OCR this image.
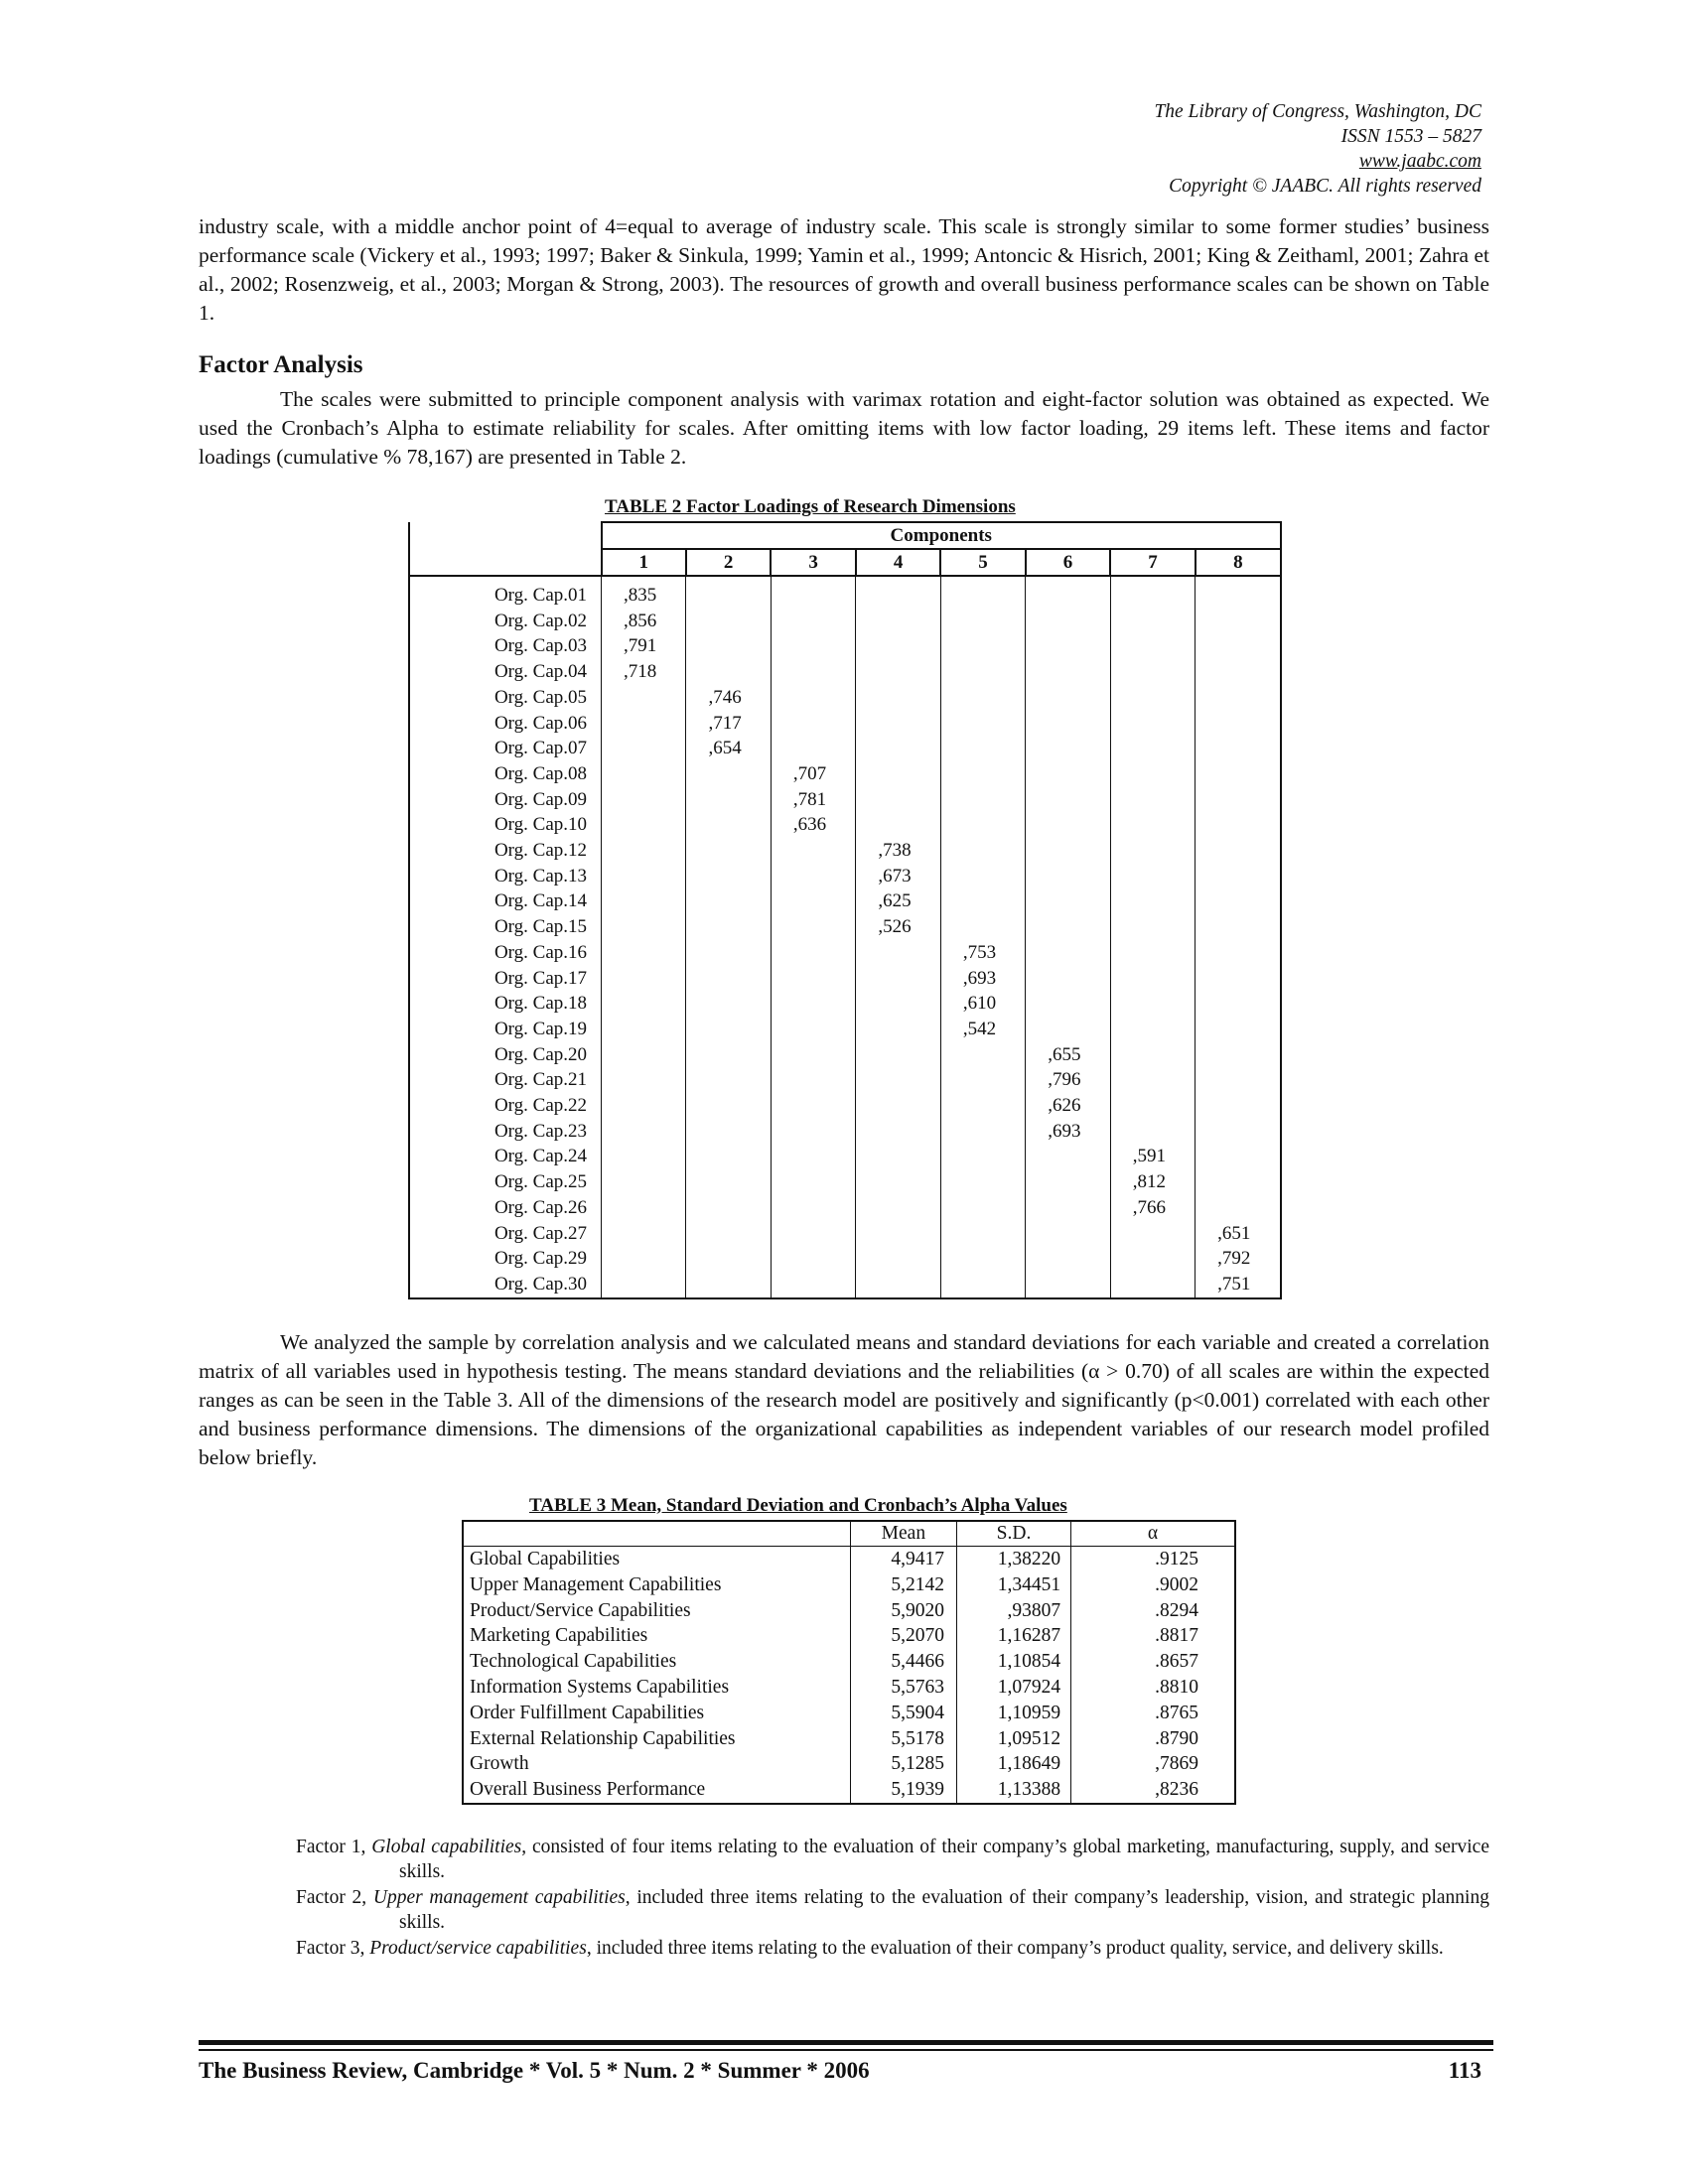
The Library of Congress, Washington, DC
ISSN 1553 – 5827
www.jaabc.com
Copyright © JAABC. All rights reserved
industry scale, with a middle anchor point of 4=equal to average of industry scale. This scale is strongly similar to some former studies’ business performance scale (Vickery et al., 1993; 1997; Baker & Sinkula, 1999; Yamin et al., 1999; Antoncic & Hisrich, 2001; King & Zeithaml, 2001; Zahra et al., 2002; Rosenzweig, et al., 2003; Morgan & Strong, 2003). The resources of growth and overall business performance scales can be shown on Table 1.
Factor Analysis
The scales were submitted to principle component analysis with varimax rotation and eight-factor solution was obtained as expected. We used the Cronbach’s Alpha to estimate reliability for scales. After omitting items with low factor loading, 29 items left. These items and factor loadings (cumulative % 78,167) are presented in Table 2.
TABLE 2 Factor Loadings of Research Dimensions
	Components							
	1	2	3	4	5	6	7	8
Org. Cap.01	,835							
Org. Cap.02	,856							
Org. Cap.03	,791							
Org. Cap.04	,718							
Org. Cap.05		,746						
Org. Cap.06		,717						
Org. Cap.07		,654						
Org. Cap.08			,707					
Org. Cap.09			,781					
Org. Cap.10			,636					
Org. Cap.12				,738				
Org. Cap.13				,673				
Org. Cap.14				,625				
Org. Cap.15				,526				
Org. Cap.16					,753			
Org. Cap.17					,693			
Org. Cap.18					,610			
Org. Cap.19					,542			
Org. Cap.20						,655		
Org. Cap.21						,796		
Org. Cap.22						,626		
Org. Cap.23						,693		
Org. Cap.24							,591	
Org. Cap.25							,812	
Org. Cap.26							,766	
Org. Cap.27								,651
Org. Cap.29								,792
Org. Cap.30								,751
We analyzed the sample by correlation analysis and we calculated means and standard deviations for each variable and created a correlation matrix of all variables used in hypothesis testing. The means standard deviations and the reliabilities (α > 0.70) of all scales are within the expected ranges as can be seen in the Table 3. All of the dimensions of the research model are positively and significantly (p<0.001) correlated with each other and business performance dimensions. The dimensions of the organizational capabilities as independent variables of our research model profiled below briefly.
TABLE 3 Mean, Standard Deviation and Cronbach’s Alpha Values
	Mean	S.D.	α
Global Capabilities	4,9417	1,38220	.9125
Upper Management Capabilities	5,2142	1,34451	.9002
Product/Service Capabilities	5,9020	,93807	.8294
Marketing Capabilities	5,2070	1,16287	.8817
Technological Capabilities	5,4466	1,10854	.8657
Information Systems Capabilities	5,5763	1,07924	.8810
Order Fulfillment Capabilities	5,5904	1,10959	.8765
External Relationship Capabilities	5,5178	1,09512	.8790
Growth	5,1285	1,18649	,7869
Overall Business Performance	5,1939	1,13388	,8236

Factor 1, Global capabilities, consisted of four items relating to the evaluation of their company’s global marketing, manufacturing, supply, and service skills.

Factor 2, Upper management capabilities, included three items relating to the evaluation of their company’s leadership, vision, and strategic planning skills.

Factor 3, Product/service capabilities, included three items relating to the evaluation of their company’s product quality, service, and delivery skills.

The Business Review, Cambridge * Vol. 5 * Num. 2 * Summer * 2006	113
